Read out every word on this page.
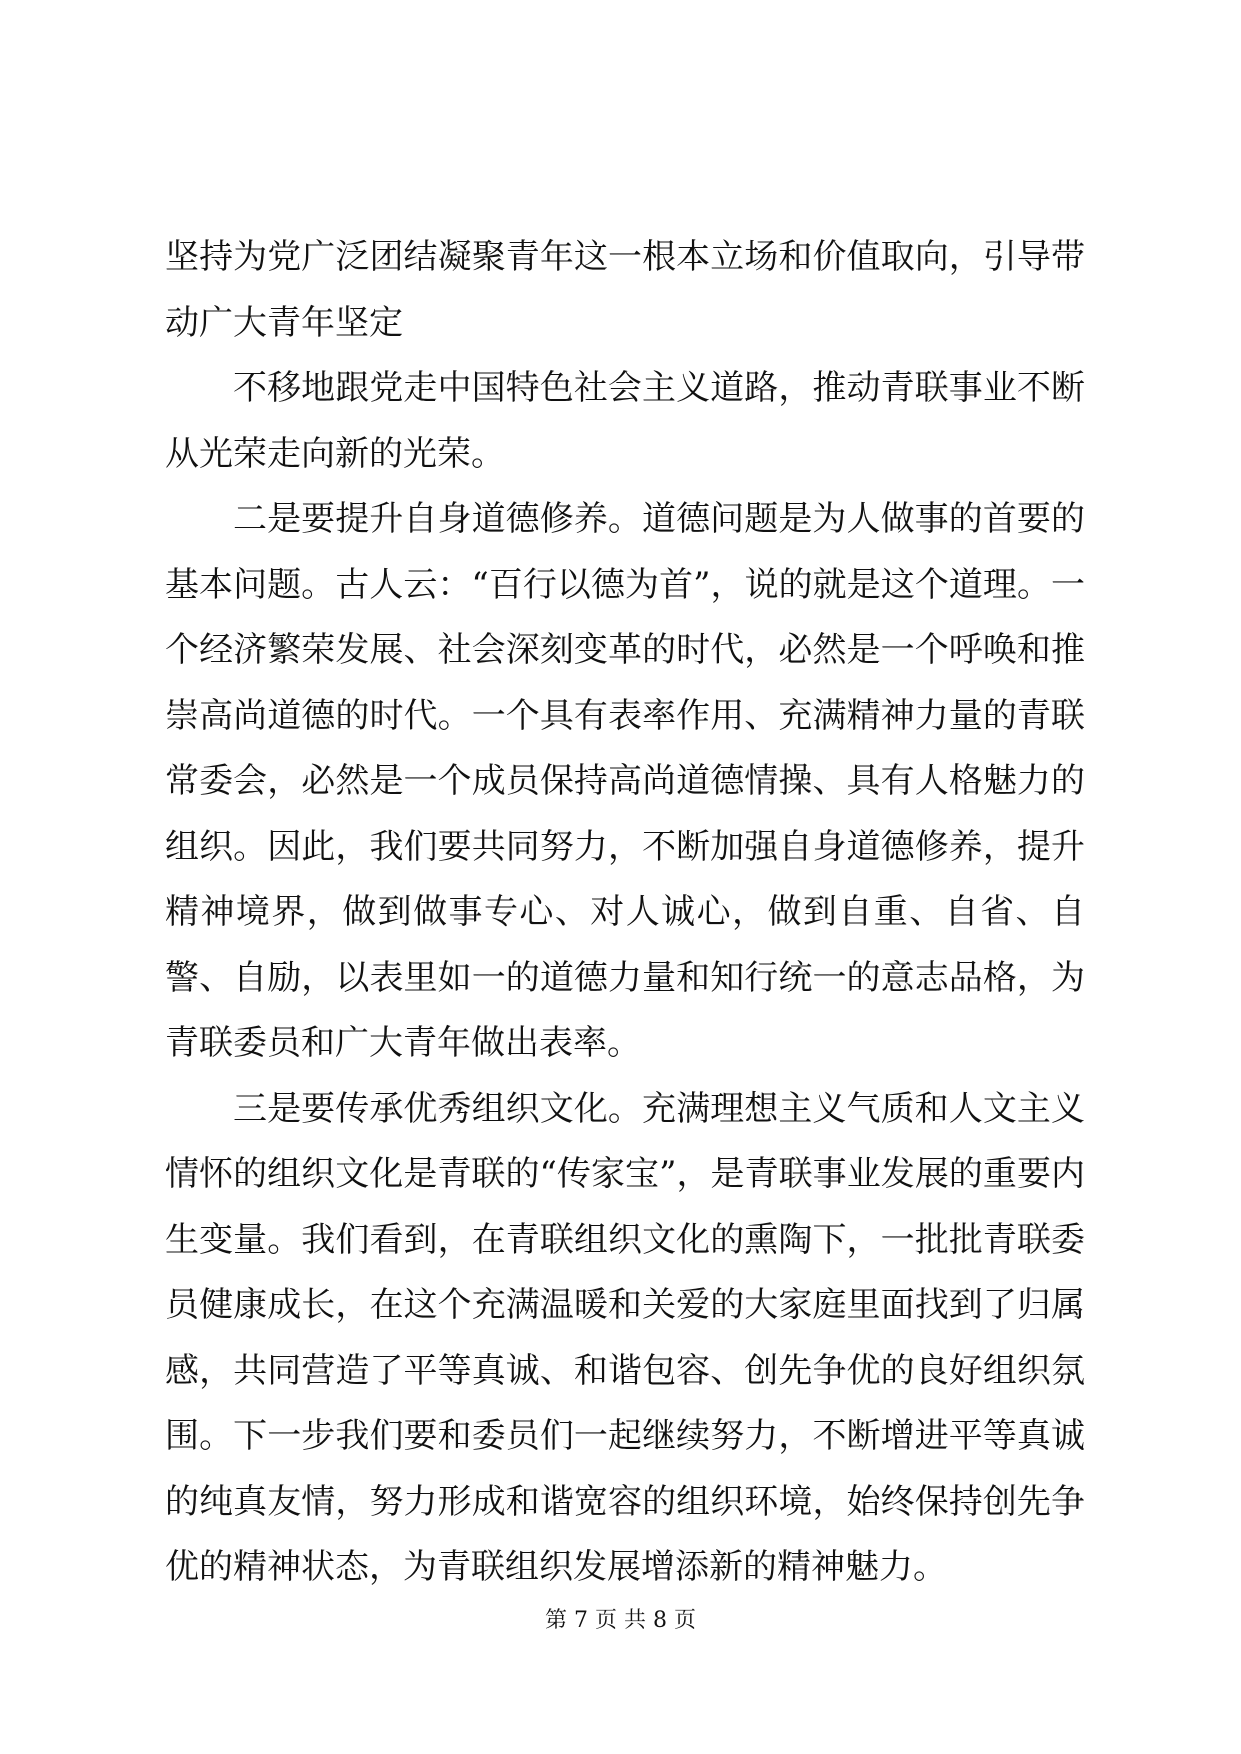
坚持为党广泛团结凝聚青年这一根本立场和价值取向，引导带动广大青年坚定

不移地跟党走中国特色社会主义道路，推动青联事业不断从光荣走向新的光荣。

二是要提升自身道德修养。道德问题是为人做事的首要的基本问题。古人云：“百行以德为首”，说的就是这个道理。一个经济繁荣发展、社会深刻变革的时代，必然是一个呼唤和推崇高尚道德的时代。一个具有表率作用、充满精神力量的青联常委会，必然是一个成员保持高尚道德情操、具有人格魅力的组织。因此，我们要共同努力，不断加强自身道德修养，提升精神境界，做到做事专心、对人诚心，做到自重、自省、自警、自励，以表里如一的道德力量和知行统一的意志品格，为青联委员和广大青年做出表率。

三是要传承优秀组织文化。充满理想主义气质和人文主义情怀的组织文化是青联的“传家宝”，是青联事业发展的重要内生变量。我们看到，在青联组织文化的熏陶下，一批批青联委员健康成长，在这个充满温暖和关爱的大家庭里面找到了归属感，共同营造了平等真诚、和谐包容、创先争优的良好组织氛围。下一步我们要和委员们一起继续努力，不断增进平等真诚的纯真友情，努力形成和谐宽容的组织环境，始终保持创先争优的精神状态，为青联组织发展增添新的精神魅力。

第 7 页 共 8 页
